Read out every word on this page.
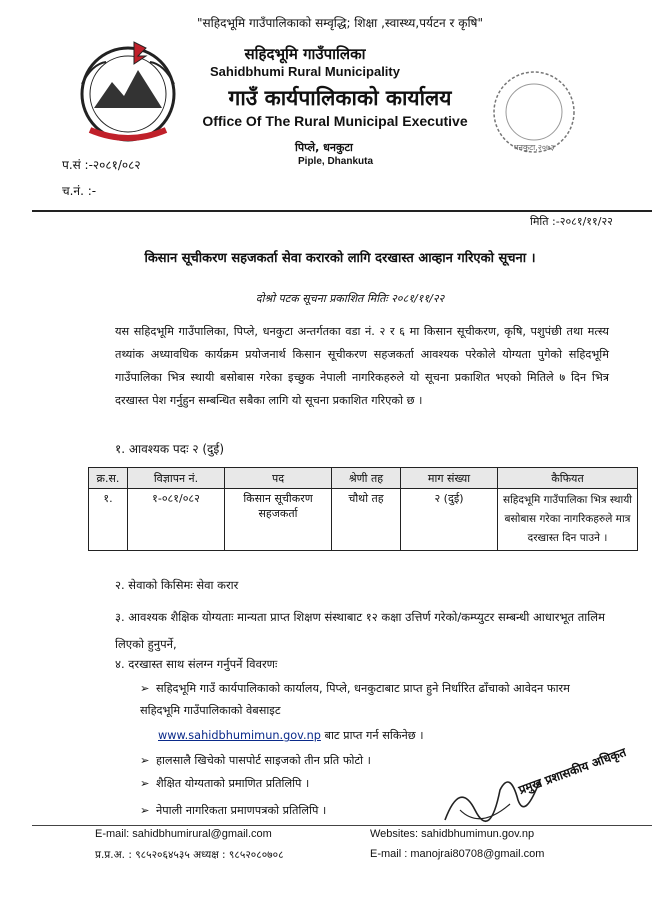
"सहिदभूमि गाउँपालिकाको सम्वृद्धि; शिक्षा ,स्वास्थ्य,पर्यटन र कृषि"
सहिदभूमि गाउँपालिका
Sahidbhumi Rural Municipality
गाउँ कार्यपालिकाको कार्यालय
Office Of The Rural Municipal Executive
पिप्ले, धनकुटा
Piple, Dhankuta
धनकुटा,२०७३
प.सं :-२०८१/०८२
च.नं. :-
मिति :-२०८१/११/२२
किसान सूचीकरण सहजकर्ता सेवा करारको लागि दरखास्त आव्हान गरिएको सूचना ।
दोश्रो पटक सूचना प्रकाशित मितिः २०८१/११/२२
यस सहिदभूमि गाउँपालिका, पिप्ले, धनकुटा अन्तर्गतका वडा नं. २ र ६ मा किसान सूचीकरण, कृषि, पशुपंछी तथा मत्स्य तथ्यांक अध्यावधिक कार्यक्रम प्रयोजनार्थ किसान सूचीकरण सहजकर्ता आवश्यक परेकोले योग्यता पुगेको सहिदभूमि गाउँपालिका भित्र स्थायी बसोबास गरेका इच्छुक नेपाली नागरिकहरुले यो सूचना प्रकाशित भएको मितिले ७ दिन भित्र दरखास्त पेश गर्नुहुन सम्बन्धित सबैका लागि यो सूचना प्रकाशित गरिएको छ ।
१. आवश्यक पदः २ (दुई)
क्र.स.	विज्ञापन नं.	पद	श्रेणी तह	माग संख्या	कैफियत
१.	१-०८१/०८२	किसान सूचीकरण सहजकर्ता	चौथो तह	२ (दुई)	सहिदभूमि गाउँपालिका भित्र स्थायी बसोबास गरेका नागरिकहरुले मात्र दरखास्त दिन पाउने ।
२. सेवाको किसिमः सेवा करार
३. आवश्यक शैक्षिक योग्यताः मान्यता प्राप्त शिक्षण संस्थाबाट १२ कक्षा उत्तिर्ण गरेको/कम्प्युटर सम्बन्धी आधारभूत तालिम लिएको हुनुपर्ने,
४. दरखास्त साथ संलग्न गर्नुपर्ने विवरणः
➢ सहिदभूमि गाउँ कार्यपालिकाको कार्यालय, पिप्ले, धनकुटाबाट प्राप्त हुने निर्धारित ढाँचाको आवेदन फारम सहिदभूमि गाउँपालिकाको वेबसाइट
www.sahidbhumimun.gov.np बाट प्राप्त गर्न सकिनेछ ।
➢ हालसालै खिचेको पासपोर्ट साइजको तीन प्रति फोटो ।
➢ शैक्षित योग्यताको प्रमाणित प्रतिलिपि ।
➢ नेपाली नागरिकता प्रमाणपत्रको प्रतिलिपि ।
प्रमुख प्रशासकीय अधिकृत
E-mail: sahidbhumirural@gmail.com	Websites: sahidbhumimun.gov.np
प्र.प्र.अ. : ९८५२०६४५३५ अध्यक्ष : ९८५२०८०७०८	E-mail : manojrai80708@gmail.com
